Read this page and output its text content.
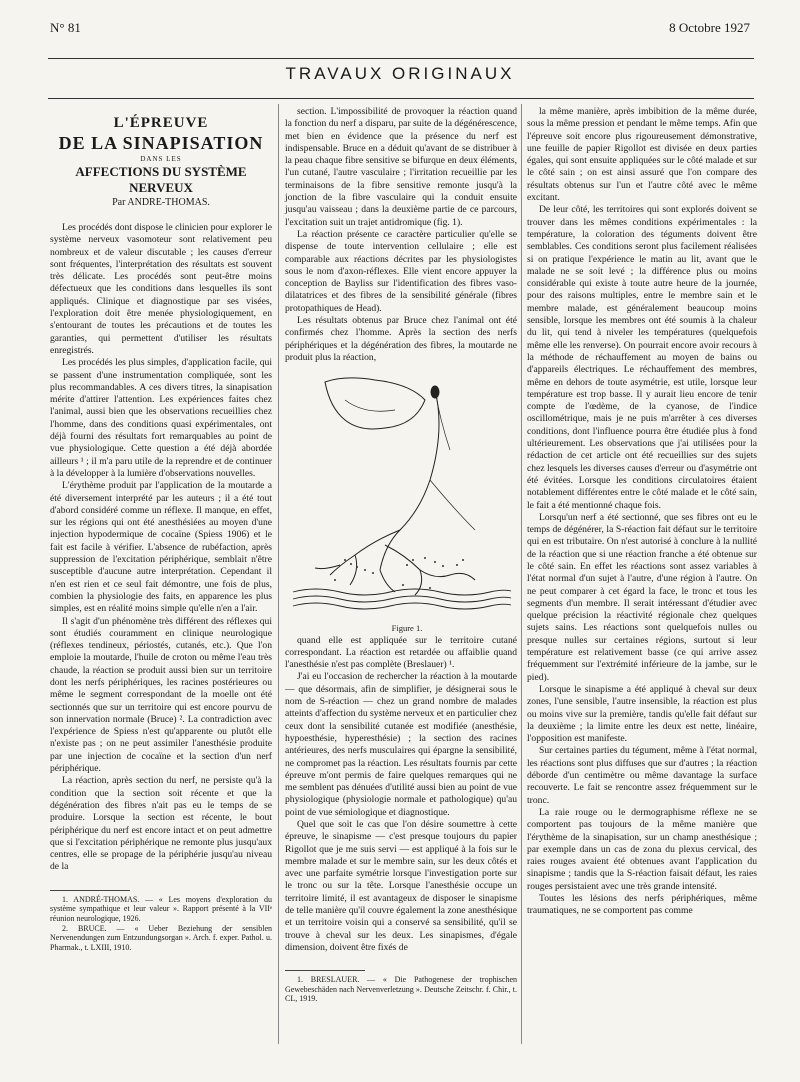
N° 81	8 Octobre 1927
TRAVAUX ORIGINAUX
L'ÉPREUVE
DE LA SINAPISATION
DANS LES
AFFECTIONS DU SYSTÈME NERVEUX
Par ANDRE-THOMAS.

Les procédés dont dispose le clinicien pour explorer le système nerveux vasomoteur sont relativement peu nombreux et de valeur discutable ; les causes d'erreur sont fréquentes, l'interprétation des résultats est souvent très délicate. Les procédés sont peut-être moins défectueux que les conditions dans lesquelles ils sont appliqués. Clinique et diagnostique par ses visées, l'exploration doit être menée physiologiquement, en s'entourant de toutes les précautions et de toutes les garanties, qui permettent d'utiliser les résultats enregistrés.

Les procédés les plus simples, d'application facile, qui se passent d'une instrumentation compliquée, sont les plus recommandables. A ces divers titres, la sinapisation mérite d'attirer l'attention. Les expériences faites chez l'animal, aussi bien que les observations recueillies chez l'homme, dans des conditions quasi expérimentales, ont déjà fourni des résultats fort remarquables au point de vue physiologique. Cette question a été déjà abordée ailleurs ¹ ; il m'a paru utile de la reprendre et de continuer à la développer à la lumière d'observations nouvelles.

L'érythème produit par l'application de la moutarde a été diversement interprété par les auteurs ; il a été tout d'abord considéré comme un réflexe. Il manque, en effet, sur les régions qui ont été anesthésiées au moyen d'une injection hypodermique de cocaïne (Spiess 1906) et le fait est facile à vérifier. L'absence de rubéfaction, après suppression de l'excitation périphérique, semblait n'être susceptible d'aucune autre interprétation. Cependant il n'en est rien et ce seul fait démontre, une fois de plus, combien la physiologie des faits, en apparence les plus simples, est en réalité moins simple qu'elle n'en a l'air.

Il s'agit d'un phénomène très différent des réflexes qui sont étudiés couramment en clinique neurologique (réflexes tendineux, périostés, cutanés, etc.). Que l'on emploie la moutarde, l'huile de croton ou même l'eau très chaude, la réaction se produit aussi bien sur un territoire dont les nerfs périphériques, les racines postérieures ou même le segment correspondant de la moelle ont été sectionnés que sur un territoire qui est encore pourvu de son innervation normale (Bruce) ². La contradiction avec l'expérience de Spiess n'est qu'apparente ou plutôt elle n'existe pas ; on ne peut assimiler l'anesthésie produite par une injection de cocaïne et la section d'un nerf périphérique.

La réaction, après section du nerf, ne persiste qu'à la condition que la section soit récente et que la dégénération des fibres n'ait pas eu le temps de se produire. Lorsque la section est récente, le bout périphérique du nerf est encore intact et on peut admettre que si l'excitation périphérique ne remonte plus jusqu'aux centres, elle se propage de la périphérie jusqu'au niveau de la

1. ANDRÉ-THOMAS. — « Les moyens d'exploration du système sympathique et leur valeur ». Rapport présenté à la VIIᵉ réunion neurologique, 1926.

2. BRUCE. — « Ueber Beziehung der sensiblen Nervenendungen zum Entzundungsorgan ». Arch. f. exper. Pathol. u. Pharmak., t. LXIII, 1910.

section. L'impossibilité de provoquer la réaction quand la fonction du nerf a disparu, par suite de la dégénérescence, met bien en évidence que la présence du nerf est indispensable. Bruce en a déduit qu'avant de se distribuer à la peau chaque fibre sensitive se bifurque en deux éléments, l'un cutané, l'autre vasculaire ; l'irritation recueillie par les terminaisons de la fibre sensitive remonte jusqu'à la jonction de la fibre vasculaire qui la conduit ensuite jusqu'au vaisseau ; dans la deuxième partie de ce parcours, l'excitation suit un trajet antidromique (fig. 1).

La réaction présente ce caractère particulier qu'elle se dispense de toute intervention cellulaire ; elle est comparable aux réactions décrites par les physiologistes sous le nom d'axon-réflexes. Elle vient encore appuyer la conception de Bayliss sur l'identification des fibres vaso-dilatatrices et des fibres de la sensibilité générale (fibres protopathiques de Head).

Les résultats obtenus par Bruce chez l'animal ont été confirmés chez l'homme. Après la section des nerfs périphériques et la dégénération des fibres, la moutarde ne produit plus la réaction,

Figure 1.

quand elle est appliquée sur le territoire cutané correspondant. La réaction est retardée ou affaiblie quand l'anesthésie n'est pas complète (Breslauer) ¹.

J'ai eu l'occasion de rechercher la réaction à la moutarde — que désormais, afin de simplifier, je désignerai sous le nom de S-réaction — chez un grand nombre de malades atteints d'affection du système nerveux et en particulier chez ceux dont la sensibilité cutanée est modifiée (anesthésie, hypoesthésie, hyperesthésie) ; la section des racines antérieures, des nerfs musculaires qui épargne la sensibilité, ne compromet pas la réaction. Les résultats fournis par cette épreuve m'ont permis de faire quelques remarques qui ne me semblent pas dénuées d'utilité aussi bien au point de vue physiologique (physiologie normale et pathologique) qu'au point de vue sémiologique et diagnostique.

Quel que soit le cas que l'on désire soumettre à cette épreuve, le sinapisme — c'est presque toujours du papier Rigollot que je me suis servi — est appliqué à la fois sur le membre malade et sur le membre sain, sur les deux côtés et avec une parfaite symétrie lorsque l'investigation porte sur le tronc ou sur la tête. Lorsque l'anesthésie occupe un territoire limité, il est avantageux de disposer le sinapisme de telle manière qu'il couvre également la zone anesthésique et un territoire voisin qui a conservé sa sensibilité, qu'il se trouve à cheval sur les deux. Les sinapismes, d'égale dimension, doivent être fixés de

1. BRESLAUER. — « Die Pathogenese der trophischen Gewebeschäden nach Nervenverletzung ». Deutsche Zeitschr. f. Chir., t. CL, 1919.

la même manière, après imbibition de la même durée, sous la même pression et pendant le même temps. Afin que l'épreuve soit encore plus rigoureusement démonstrative, une feuille de papier Rigollot est divisée en deux parties égales, qui sont ensuite appliquées sur le côté malade et sur le côté sain ; on est ainsi assuré que l'on compare des résultats obtenus sur l'un et l'autre côté avec le même excitant.

De leur côté, les territoires qui sont explorés doivent se trouver dans les mêmes conditions expérimentales : la température, la coloration des téguments doivent être semblables. Ces conditions seront plus facilement réalisées si on pratique l'expérience le matin au lit, avant que le malade ne se soit levé ; la différence plus ou moins considérable qui existe à toute autre heure de la journée, pour des raisons multiples, entre le membre sain et le membre malade, est généralement beaucoup moins sensible, lorsque les membres ont été soumis à la chaleur du lit, qui tend à niveler les températures (quelquefois même elle les renverse). On pourrait encore avoir recours à la méthode de réchauffement au moyen de bains ou d'appareils électriques. Le réchauffement des membres, même en dehors de toute asymétrie, est utile, lorsque leur température est trop basse. Il y aurait lieu encore de tenir compte de l'œdème, de la cyanose, de l'indice oscillométrique, mais je ne puis m'arrêter à ces diverses conditions, dont l'influence pourra être étudiée plus à fond ultérieurement. Les observations que j'ai utilisées pour la rédaction de cet article ont été recueillies sur des sujets chez lesquels les diverses causes d'erreur ou d'asymétrie ont été évitées. Lorsque les conditions circulatoires étaient notablement différentes entre le côté malade et le côté sain, le fait a été mentionné chaque fois.

Lorsqu'un nerf a été sectionné, que ses fibres ont eu le temps de dégénérer, la S-réaction fait défaut sur le territoire qui en est tributaire. On n'est autorisé à conclure à la nullité de la réaction que si une réaction franche a été obtenue sur le côté sain. En effet les réactions sont assez variables à l'état normal d'un sujet à l'autre, d'une région à l'autre. On ne peut comparer à cet égard la face, le tronc et tous les segments d'un membre. Il serait intéressant d'étudier avec quelque précision la réactivité régionale chez quelques sujets sains. Les réactions sont quelquefois nulles ou presque nulles sur certaines régions, surtout si leur température est relativement basse (ce qui arrive assez fréquemment sur l'extrémité inférieure de la jambe, sur le pied).

Lorsque le sinapisme a été appliqué à cheval sur deux zones, l'une sensible, l'autre insensible, la réaction est plus ou moins vive sur la première, tandis qu'elle fait défaut sur la deuxième ; la limite entre les deux est nette, linéaire, l'opposition est manifeste.

Sur certaines parties du tégument, même à l'état normal, les réactions sont plus diffuses que sur d'autres ; la réaction déborde d'un centimètre ou même davantage la surface recouverte. Le fait se rencontre assez fréquemment sur le tronc.

La raie rouge ou le dermographisme réflexe ne se comportent pas toujours de la même manière que l'érythème de la sinapisation, sur un champ anesthésique ; par exemple dans un cas de zona du plexus cervical, des raies rouges avaient été obtenues avant l'application du sinapisme ; tandis que la S-réaction faisait défaut, les raies rouges persistaient avec une très grande intensité.

Toutes les lésions des nerfs périphériques, même traumatiques, ne se comportent pas comme
